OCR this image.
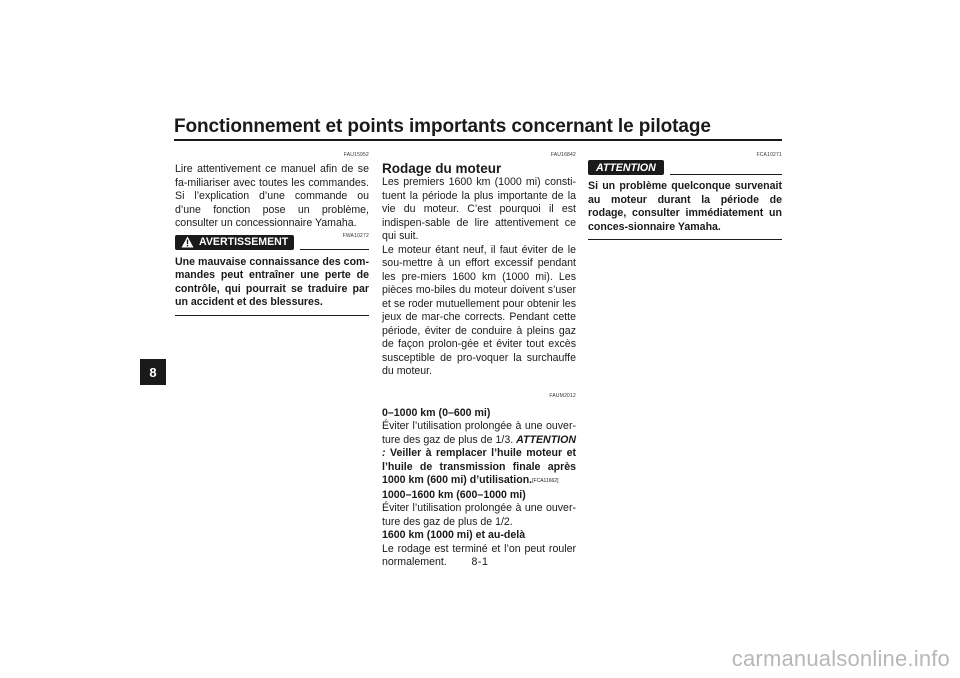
Fonctionnement et points importants concernant le pilotage
8
FAU15952

Lire attentivement ce manuel afin de se fa-miliariser avec toutes les commandes. Si l’explication d’une commande ou d’une fonction pose un problème, consulter un concessionnaire Yamaha.

FWA10272
AVERTISSEMENT

Une mauvaise connaissance des com-mandes peut entraîner une perte de contrôle, qui pourrait se traduire par un accident et des blessures.

FAU16842
Rodage du moteur

Les premiers 1600 km (1000 mi) consti-tuent la période la plus importante de la vie du moteur. C’est pourquoi il est indispen-sable de lire attentivement ce qui suit.

Le moteur étant neuf, il faut éviter de le sou-mettre à un effort excessif pendant les pre-miers 1600 km (1000 mi). Les pièces mo-biles du moteur doivent s’user et se roder mutuellement pour obtenir les jeux de mar-che corrects. Pendant cette période, éviter de conduire à pleins gaz de façon prolon-gée et éviter tout excès susceptible de pro-voquer la surchauffe du moteur.

FAUM2012

0–1000 km (0–600 mi)

Éviter l’utilisation prolongée à une ouver-ture des gaz de plus de 1/3. ATTENTION : Veiller à remplacer l’huile moteur et l’huile de transmission finale après 1000 km (600 mi) d’utilisation.[FCA11662]

1000–1600 km (600–1000 mi)

Éviter l’utilisation prolongée à une ouver-ture des gaz de plus de 1/2.

1600 km (1000 mi) et au-delà

Le rodage est terminé et l’on peut rouler normalement.

FCA10271
ATTENTION

Si un problème quelconque survenait au moteur durant la période de rodage, consulter immédiatement un conces-sionnaire Yamaha.

8-1
carmanualsonline.info
